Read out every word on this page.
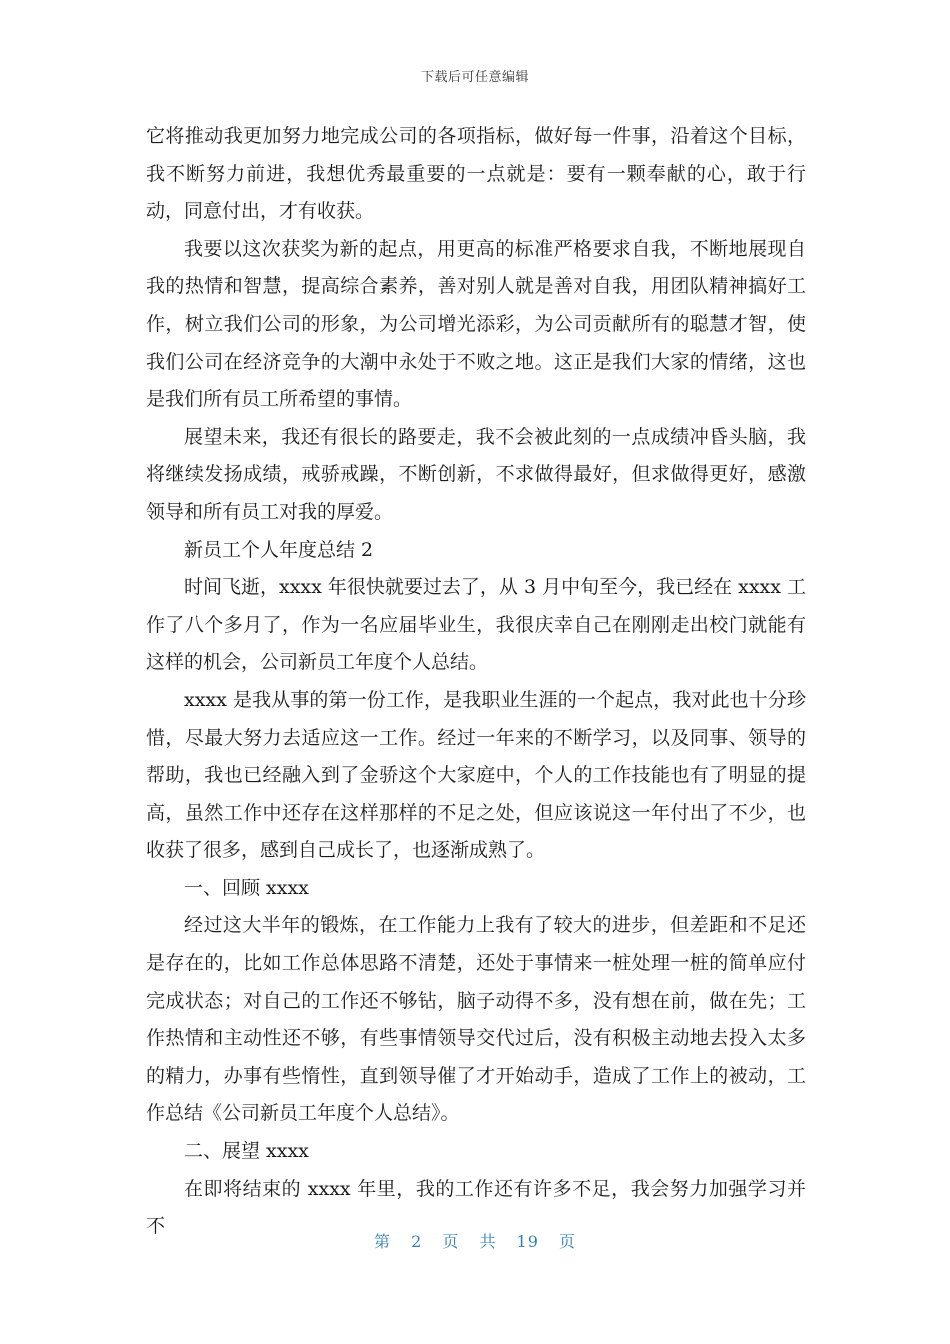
下载后可任意编辑

它将推动我更加努力地完成公司的各项指标，做好每一件事，沿着这个目标，我不断努力前进，我想优秀最重要的一点就是：要有一颗奉献的心，敢于行动，同意付出，才有收获。

我要以这次获奖为新的起点，用更高的标准严格要求自我，不断地展现自我的热情和智慧，提高综合素养，善对别人就是善对自我，用团队精神搞好工作，树立我们公司的形象，为公司增光添彩，为公司贡献所有的聪慧才智，使我们公司在经济竞争的大潮中永处于不败之地。这正是我们大家的情绪，这也是我们所有员工所希望的事情。

展望未来，我还有很长的路要走，我不会被此刻的一点成绩冲昏头脑，我将继续发扬成绩，戒骄戒躁，不断创新，不求做得最好，但求做得更好，感激领导和所有员工对我的厚爱。

新员工个人年度总结 2

时间飞逝，xxxx 年很快就要过去了，从 3 月中旬至今，我已经在 xxxx 工作了八个多月了，作为一名应届毕业生，我很庆幸自己在刚刚走出校门就能有这样的机会，公司新员工年度个人总结。

xxxx 是我从事的第一份工作，是我职业生涯的一个起点，我对此也十分珍惜，尽最大努力去适应这一工作。经过一年来的不断学习，以及同事、领导的帮助，我也已经融入到了金骄这个大家庭中，个人的工作技能也有了明显的提高，虽然工作中还存在这样那样的不足之处，但应该说这一年付出了不少，也收获了很多，感到自己成长了，也逐渐成熟了。

一、回顾 xxxx

经过这大半年的锻炼，在工作能力上我有了较大的进步，但差距和不足还是存在的，比如工作总体思路不清楚，还处于事情来一桩处理一桩的简单应付完成状态；对自己的工作还不够钻，脑子动得不多，没有想在前，做在先；工作热情和主动性还不够，有些事情领导交代过后，没有积极主动地去投入太多的精力，办事有些惰性，直到领导催了才开始动手，造成了工作上的被动，工作总结《公司新员工年度个人总结》。

二、展望 xxxx

在即将结束的 xxxx 年里，我的工作还有许多不足，我会努力加强学习并不

第 2 页 共 19 页
